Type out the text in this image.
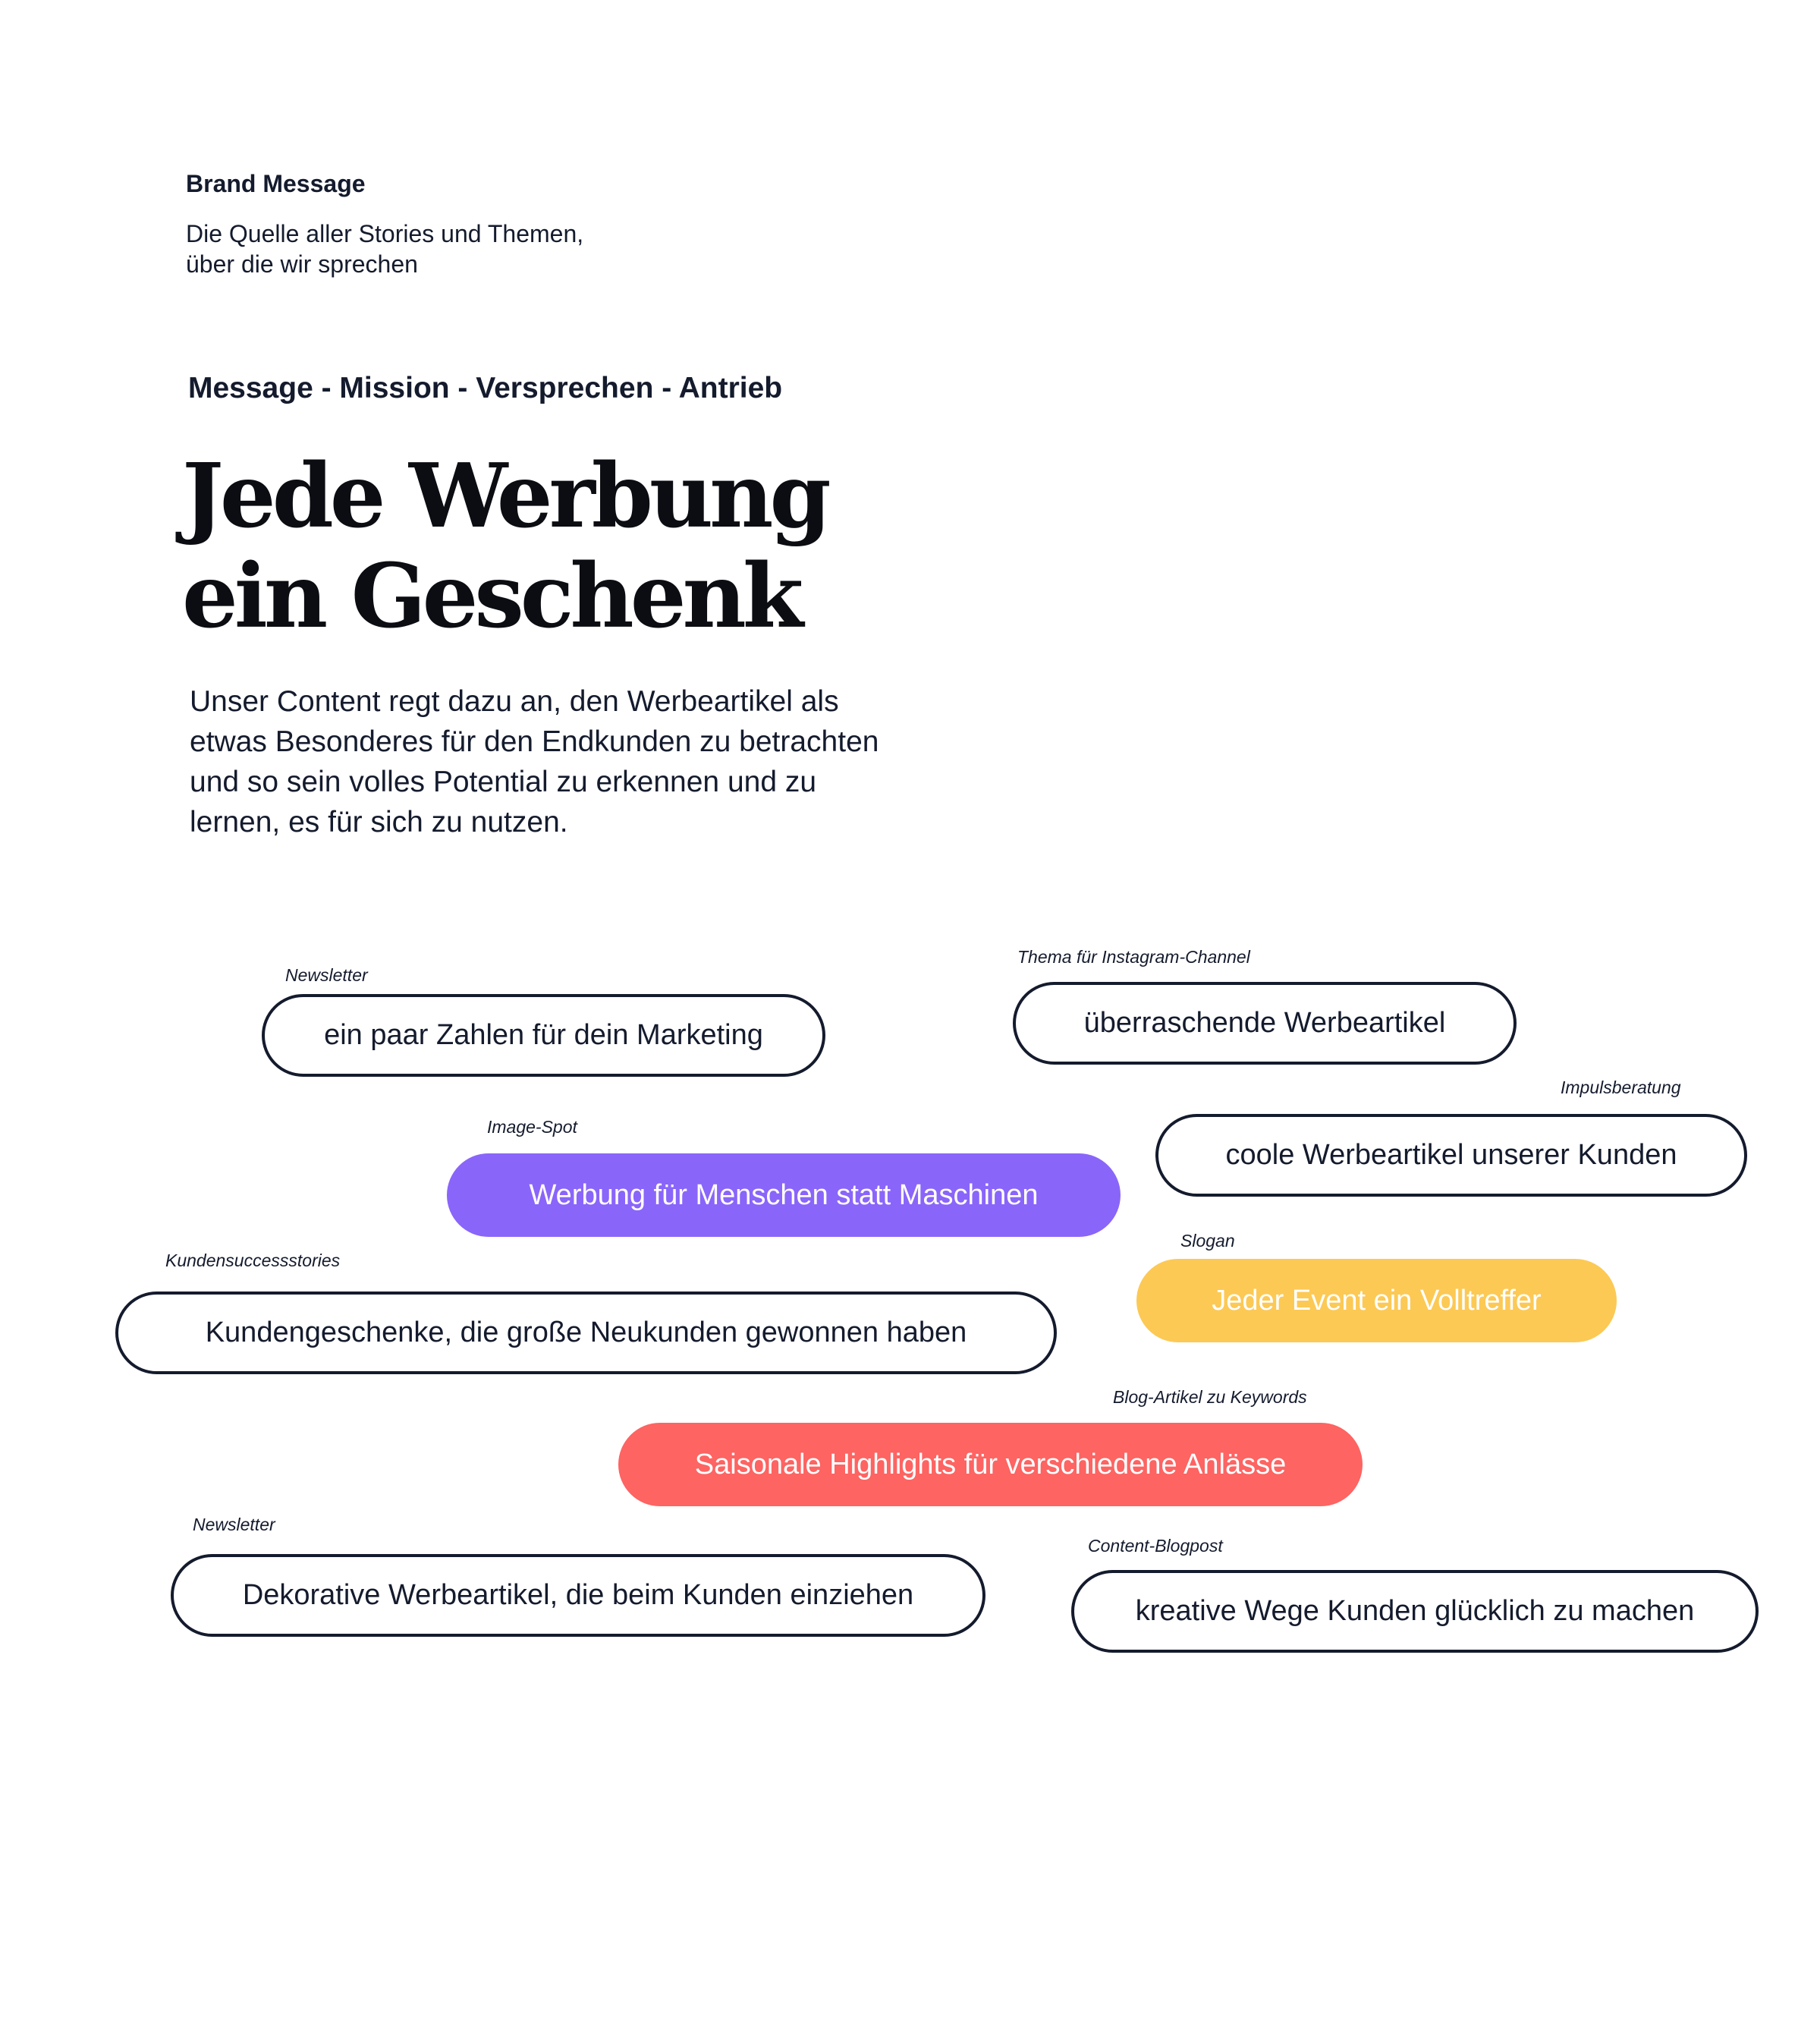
Brand Message
Die Quelle aller Stories und Themen,
über die wir sprechen
Message - Mission - Versprechen - Antrieb
Jede Werbung
ein Geschenk
Unser Content regt dazu an, den Werbeartikel als
etwas Besonderes für den Endkunden zu betrachten
und so sein volles Potential zu erkennen und zu
lernen, es für sich zu nutzen.
Newsletter
ein paar Zahlen für dein Marketing
Thema für Instagram-Channel
überraschende Werbeartikel
Impulsberatung
coole Werbeartikel unserer Kunden
Image-Spot
Werbung für Menschen statt Maschinen
Slogan
Jeder Event ein Volltreffer
Kundensuccessstories
Kundengeschenke, die große Neukunden gewonnen haben
Blog-Artikel zu Keywords
Saisonale Highlights für verschiedene Anlässe
Newsletter
Dekorative Werbeartikel, die beim Kunden einziehen
Content-Blogpost
kreative Wege Kunden glücklich zu machen
